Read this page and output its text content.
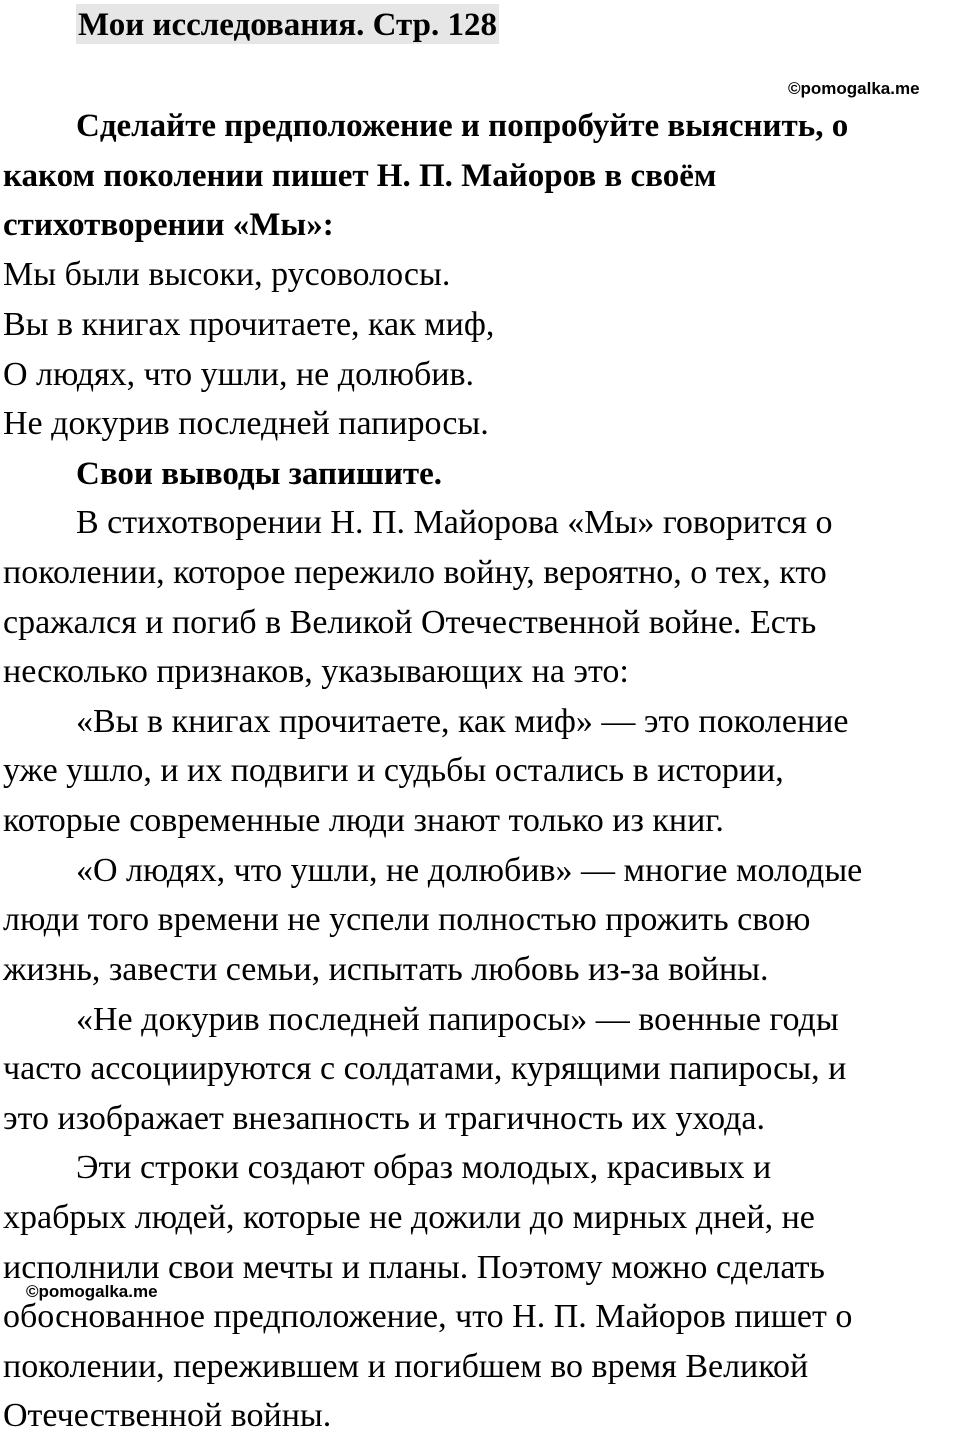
Мои исследования. Стр. 128
©pomogalka.me
Сделайте предположение и попробуйте выяснить, о
каком поколении пишет Н. П. Майоров в своём
стихотворении «Мы»:
Мы были высоки, русоволосы.
Вы в книгах прочитаете, как миф,
О людях, что ушли, не долюбив.
Не докурив последней папиросы.
Свои выводы запишите.
В стихотворении Н. П. Майорова «Мы» говорится о
поколении, которое пережило войну, вероятно, о тех, кто
сражался и погиб в Великой Отечественной войне. Есть
несколько признаков, указывающих на это:
«Вы в книгах прочитаете, как миф» — это поколение
уже ушло, и их подвиги и судьбы остались в истории,
которые современные люди знают только из книг.
«О людях, что ушли, не долюбив» — многие молодые
люди того времени не успели полностью прожить свою
жизнь, завести семьи, испытать любовь из-за войны.
«Не докурив последней папиросы» — военные годы
часто ассоциируются с солдатами, курящими папиросы, и
это изображает внезапность и трагичность их ухода.
Эти строки создают образ молодых, красивых и
храбрых людей, которые не дожили до мирных дней, не
исполнили свои мечты и планы. Поэтому можно сделать
обоснованное предположение, что Н. П. Майоров пишет о
поколении, пережившем и погибшем во время Великой
Отечественной войны.
©pomogalka.me
